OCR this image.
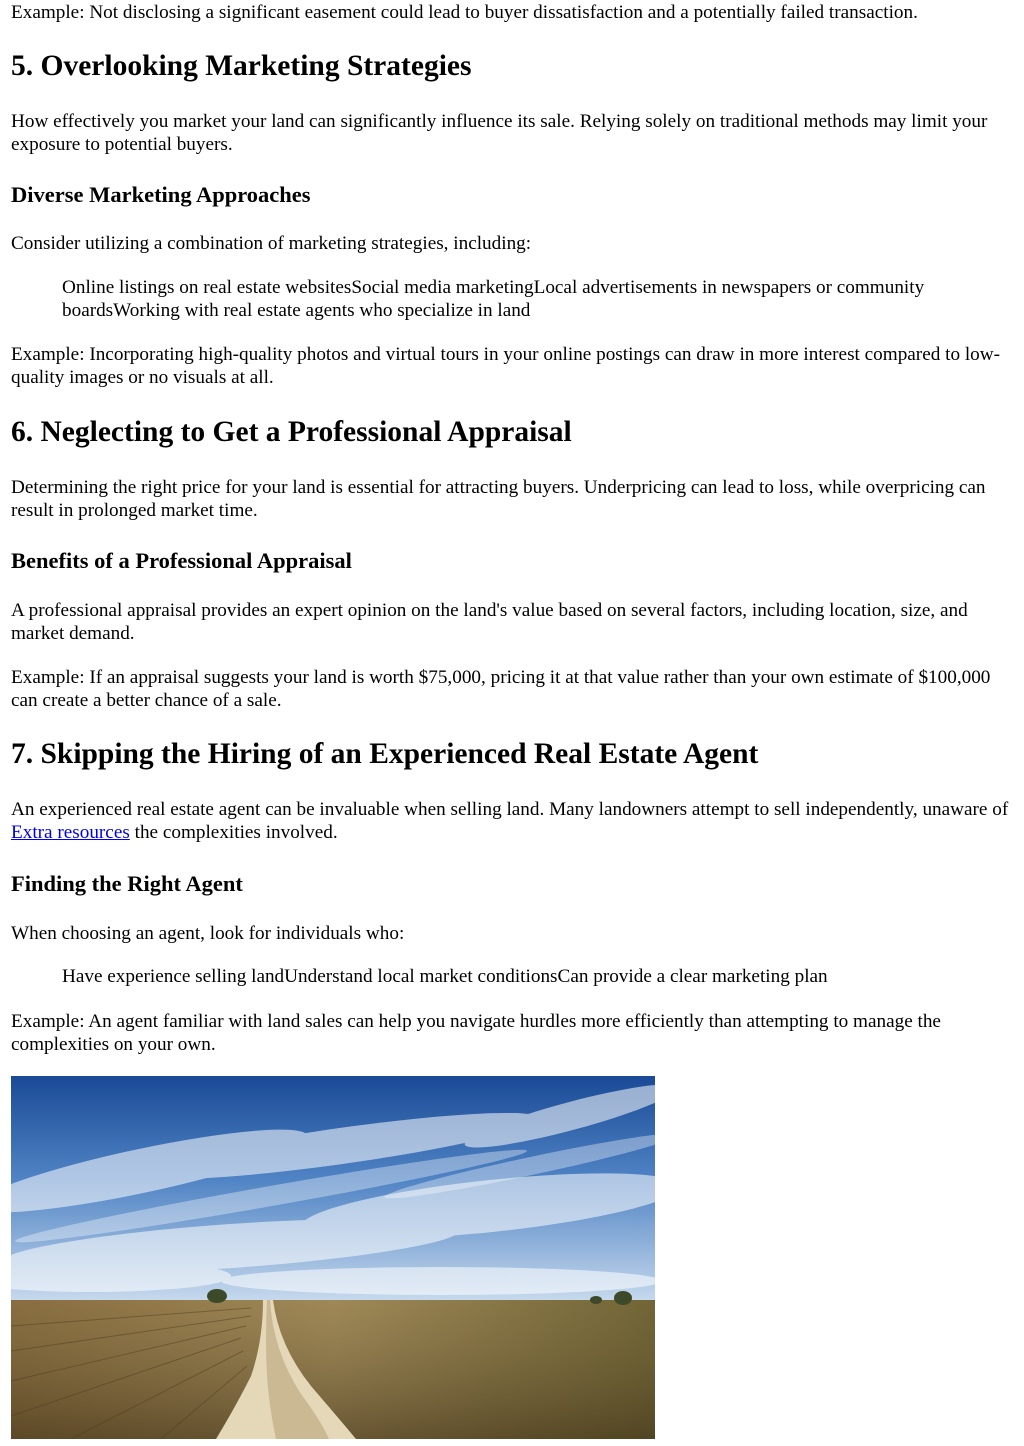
Example: Not disclosing a significant easement could lead to buyer dissatisfaction and a potentially failed transaction.

5. Overlooking Marketing Strategies

How effectively you market your land can significantly influence its sale. Relying solely on traditional methods may limit your exposure to potential buyers.

Diverse Marketing Approaches

Consider utilizing a combination of marketing strategies, including:

Online listings on real estate websitesSocial media marketingLocal advertisements in newspapers or community boardsWorking with real estate agents who specialize in land

Example: Incorporating high-quality photos and virtual tours in your online postings can draw in more interest compared to low-quality images or no visuals at all.

6. Neglecting to Get a Professional Appraisal

Determining the right price for your land is essential for attracting buyers. Underpricing can lead to loss, while overpricing can result in prolonged market time.

Benefits of a Professional Appraisal

A professional appraisal provides an expert opinion on the land's value based on several factors, including location, size, and market demand.

Example: If an appraisal suggests your land is worth $75,000, pricing it at that value rather than your own estimate of $100,000 can create a better chance of a sale.

7. Skipping the Hiring of an Experienced Real Estate Agent

An experienced real estate agent can be invaluable when selling land. Many landowners attempt to sell independently, unaware of Extra resources the complexities involved.

Finding the Right Agent

When choosing an agent, look for individuals who:

Have experience selling landUnderstand local market conditionsCan provide a clear marketing plan

Example: An agent familiar with land sales can help you navigate hurdles more efficiently than attempting to manage the complexities on your own.
